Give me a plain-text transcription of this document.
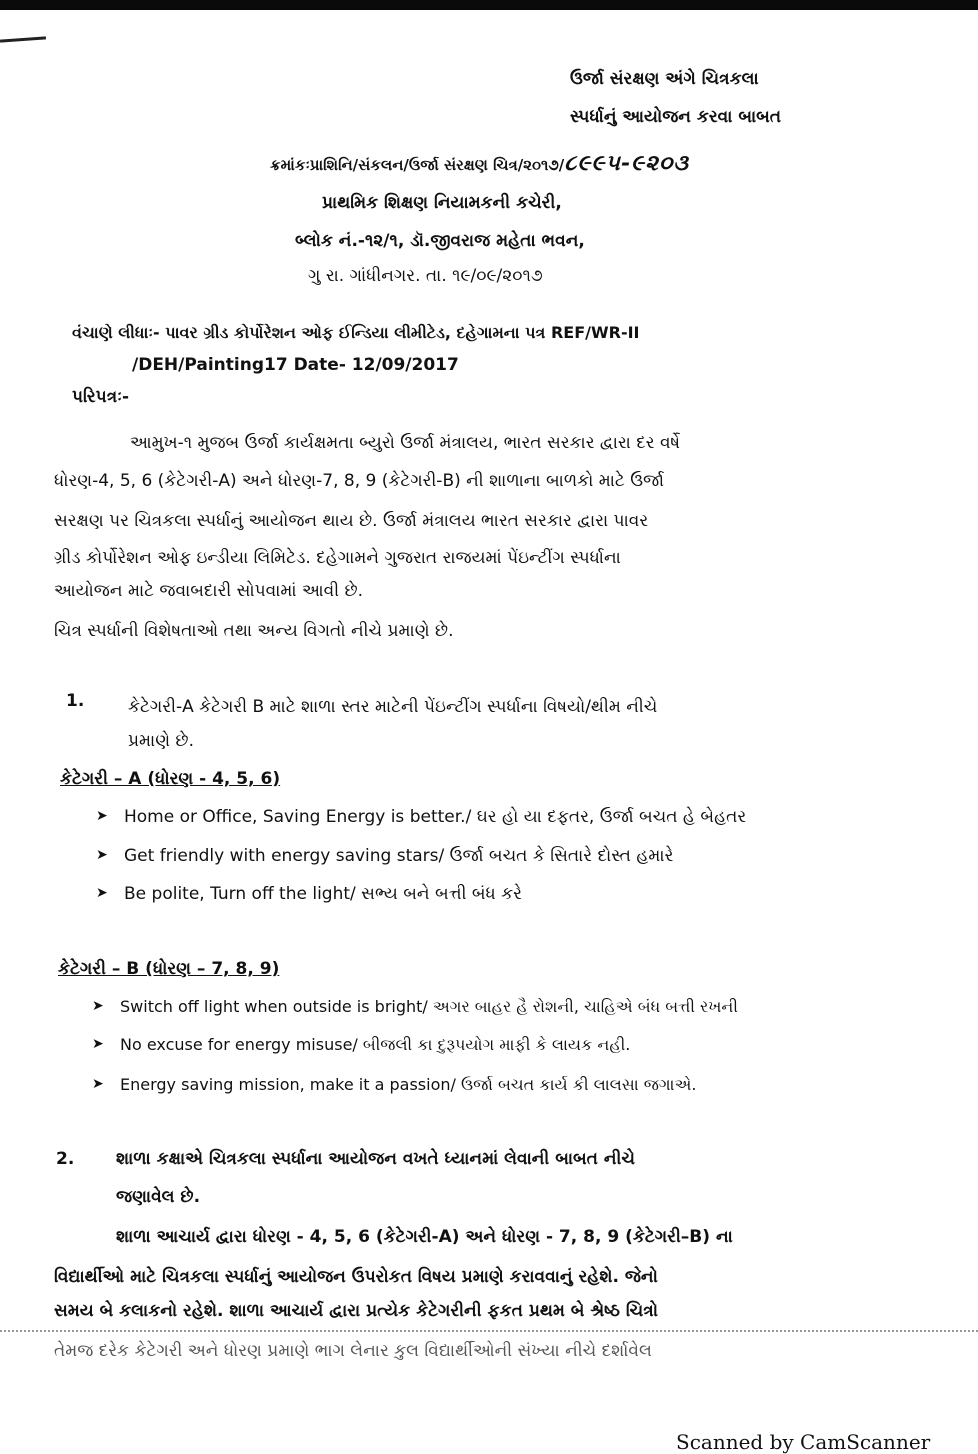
ઉર્જા સંરક્ષણ અંગે ચિત્રકલા
સ્પર્ધાનું આયોજન કરવા બાબત
ક્રમાંકઃપ્રાશિનિ/સંકલન/ઉર્જા સંરક્ષણ ચિત્ર/૨૦૧૭/૮૯૯૫-૯૨૦૩
પ્રાથમિક શિક્ષણ નિયામકની કચેરી,
બ્લોક નં.-૧૨/૧, ડૉ.જીવરાજ મહેતા ભવન,
ગુ રા. ગાંધીનગર. તા. ૧૯/૦૯/૨૦૧૭
વંચાણે લીધાઃ- પાવર ગ્રીડ કોર્પોરેશન ઓફ ઈન્ડિયા લીમીટેડ, દહેગામના પત્ર REF/WR-II
/DEH/Painting17 Date- 12/09/2017
પરિપત્રઃ-
આમુખ-૧ મુજબ ઉર્જા કાર્યક્ષમતા બ્યુરો ઉર્જા મંત્રાલય, ભારત સરકાર દ્વારા દર વર્ષે
ધોરણ-4, 5, 6 (કેટેગરી-A) અને ધોરણ-7, 8, 9 (કેટેગરી-B) ની શાળાના બાળકો માટે ઉર્જા
સરક્ષણ પર ચિત્રકલા સ્પર્ધાનું આયોજન થાય છે. ઉર્જા મંત્રાલય ભારત સરકાર દ્વારા પાવર
ગ્રીડ કોર્પોરેશન ઓફ ઇન્ડીયા લિમિટેડ. દહેગામને ગુજરાત રાજયમાં પેંઇન્ટીંગ સ્પર્ધાના
આયોજન માટે જવાબદારી સોપવામાં આવી છે.
ચિત્ર સ્પર્ધાની વિશેષતાઓ તથા અન્ય વિગતો નીચે પ્રમાણે છે.
1.	કેટેગરી-A કેટેગરી B માટે શાળા સ્તર માટેની પેંઇન્ટીંગ સ્પર્ધાના વિષયો/થીમ નીચે
પ્રમાણે છે.
કેટેગરી – A (ધોરણ - 4, 5, 6)
➤ Home or Office, Saving Energy is better./ ઘર હો યા દફતર, ઉર્જા બચત હે બેહતર
➤ Get friendly with energy saving stars/ ઉર્જા બચત કે સિતારે દોસ્ત હમારે
➤ Be polite, Turn off the light/ સભ્ય બને બત્તી બંધ કરે
કેટેગરી – B (ધોરણ – 7, 8, 9)
➤ Switch off light when outside is bright/ અગર બાહર હૈ રોશની, ચાહિએ બંધ બત્તી રખની
➤ No excuse for energy misuse/ બીજલી કા દુરૂપયોગ માફી કે લાયક નહી.
➤ Energy saving mission, make it a passion/ ઉર્જા બચત કાર્ય કી લાલસા જગાએ.
2. શાળા કક્ષાએ ચિત્રકલા સ્પર્ધાના આયોજન વખતે ધ્યાનમાં લેવાની બાબત નીચે
જણાવેલ છે.
શાળા આચાર્ય દ્વારા ધોરણ - 4, 5, 6 (કેટેગરી-A) અને ધોરણ - 7, 8, 9 (કેટેગરી–B) ના
વિદ્યાર્થીઓ માટે ચિત્રકલા સ્પર્ધાનું આયોજન ઉપરોકત વિષય પ્રમાણે કરાવવાનું રહેશે. જેનો
સમય બે કલાકનો રહેશે. શાળા આચાર્ય દ્વારા પ્રત્યેક કેટેગરીની ફકત પ્રથમ બે શ્રેષ્ઠ ચિત્રો
તેમજ દરેક કેટેગરી અને ધોરણ પ્રમાણે ભાગ લેનાર કુલ વિદ્યાર્થીઓની સંખ્યા નીચે દર્શાવેલ
Scanned by CamScanner
